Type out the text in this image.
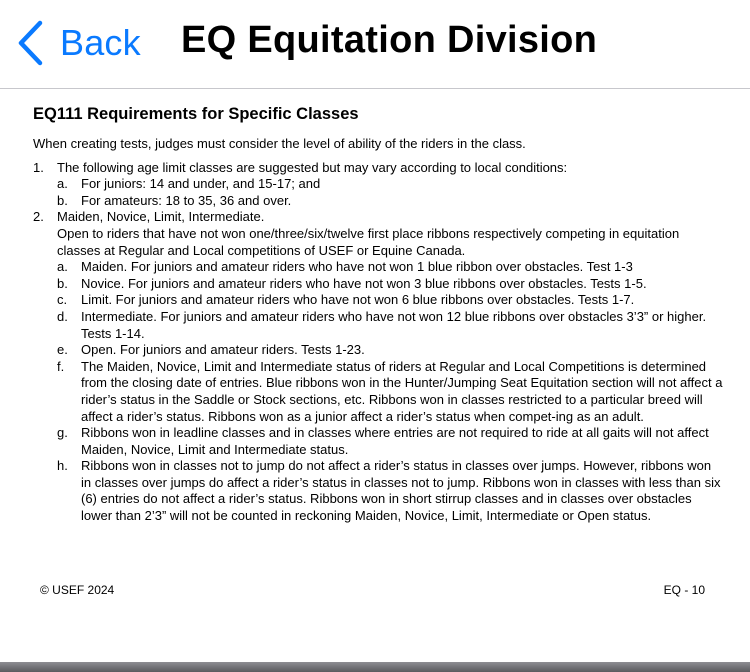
Back EQ Equitation Division
EQ111 Requirements for Specific Classes

When creating tests, judges must consider the level of ability of the riders in the class.

1. The following age limit classes are suggested but may vary according to local conditions:
a. For juniors: 14 and under, and 15-17; and
b. For amateurs: 18 to 35, 36 and over.
2. Maiden, Novice, Limit, Intermediate.
Open to riders that have not won one/three/six/twelve first place ribbons respectively competing in equitation classes at Regular and Local competitions of USEF or Equine Canada.
a. Maiden. For juniors and amateur riders who have not won 1 blue ribbon over obstacles. Test 1-3
b. Novice. For juniors and amateur riders who have not won 3 blue ribbons over obstacles. Tests 1-5.
c. Limit. For juniors and amateur riders who have not won 6 blue ribbons over obstacles. Tests 1-7.
d. Intermediate. For juniors and amateur riders who have not won 12 blue ribbons over obstacles 3’3” or higher. Tests 1-14.
e. Open. For juniors and amateur riders. Tests 1-23.
f. The Maiden, Novice, Limit and Intermediate status of riders at Regular and Local Competitions is determined from the closing date of entries. Blue ribbons won in the Hunter/Jumping Seat Equitation section will not affect a rider’s status in the Saddle or Stock sections, etc. Ribbons won in classes restricted to a particular breed will affect a rider’s status. Ribbons won as a junior affect a rider’s status when compet-ing as an adult.
g. Ribbons won in leadline classes and in classes where entries are not required to ride at all gaits will not affect Maiden, Novice, Limit and Intermediate status.
h. Ribbons won in classes not to jump do not affect a rider’s status in classes over jumps. However, ribbons won in classes over jumps do affect a rider’s status in classes not to jump. Ribbons won in classes with less than six (6) entries do not affect a rider’s status. Ribbons won in short stirrup classes and in classes over obstacles lower than 2’3” will not be counted in reckoning Maiden, Novice, Limit, Intermediate or Open status.
© USEF 2024	EQ - 10
